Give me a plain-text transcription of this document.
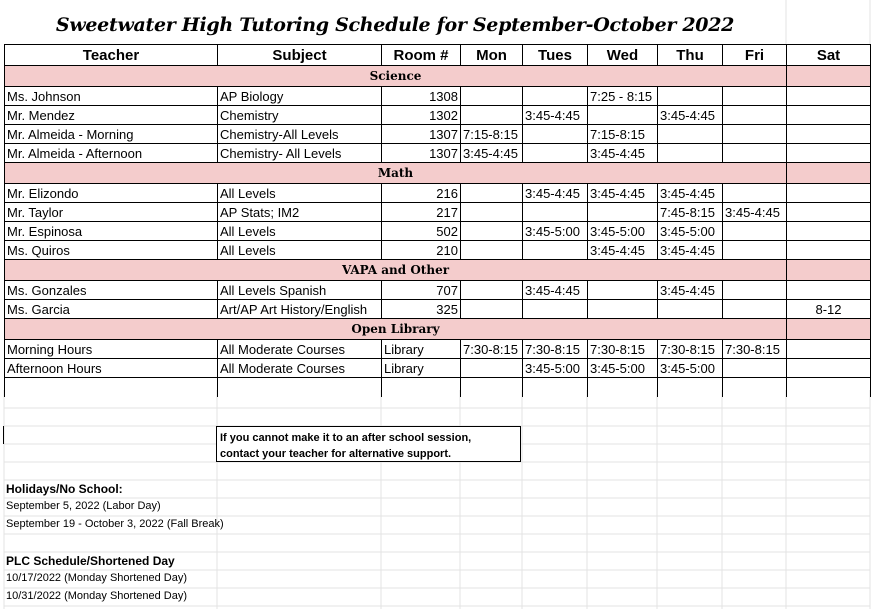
Sweetwater High Tutoring Schedule for September-October 2022
Teacher	Subject	Room #	Mon	Tues	Wed	Thu	Fri	Sat
Science								
Ms. Johnson	AP Biology	1308			7:25 - 8:15			
Mr. Mendez	Chemistry	1302		3:45-4:45		3:45-4:45		
Mr. Almeida - Morning	Chemistry-All Levels	1307	7:15-8:15		7:15-8:15			
Mr. Almeida - Afternoon	Chemistry- All Levels	1307	3:45-4:45		3:45-4:45			
Math								
Mr. Elizondo	All Levels	216		3:45-4:45	3:45-4:45	3:45-4:45		
Mr. Taylor	AP Stats; IM2	217				7:45-8:15	3:45-4:45	
Mr. Espinosa	All Levels	502		3:45-5:00	3:45-5:00	3:45-5:00		
Ms. Quiros	All Levels	210			3:45-4:45	3:45-4:45		
VAPA and Other								
Ms. Gonzales	All Levels Spanish	707		3:45-4:45		3:45-4:45		
Ms. Garcia	Art/AP Art History/English	325						8-12
Open Library								
Morning Hours	All Moderate Courses	Library	7:30-8:15	7:30-8:15	7:30-8:15	7:30-8:15	7:30-8:15	
Afternoon Hours	All Moderate Courses	Library		3:45-5:00	3:45-5:00	3:45-5:00		

If you cannot make it to an after school session,
contact your teacher for alternative support.
Holidays/No School:
September 5, 2022 (Labor Day)
September 19 - October 3, 2022 (Fall Break)
PLC Schedule/Shortened Day
10/17/2022 (Monday Shortened Day)
10/31/2022 (Monday Shortened Day)
